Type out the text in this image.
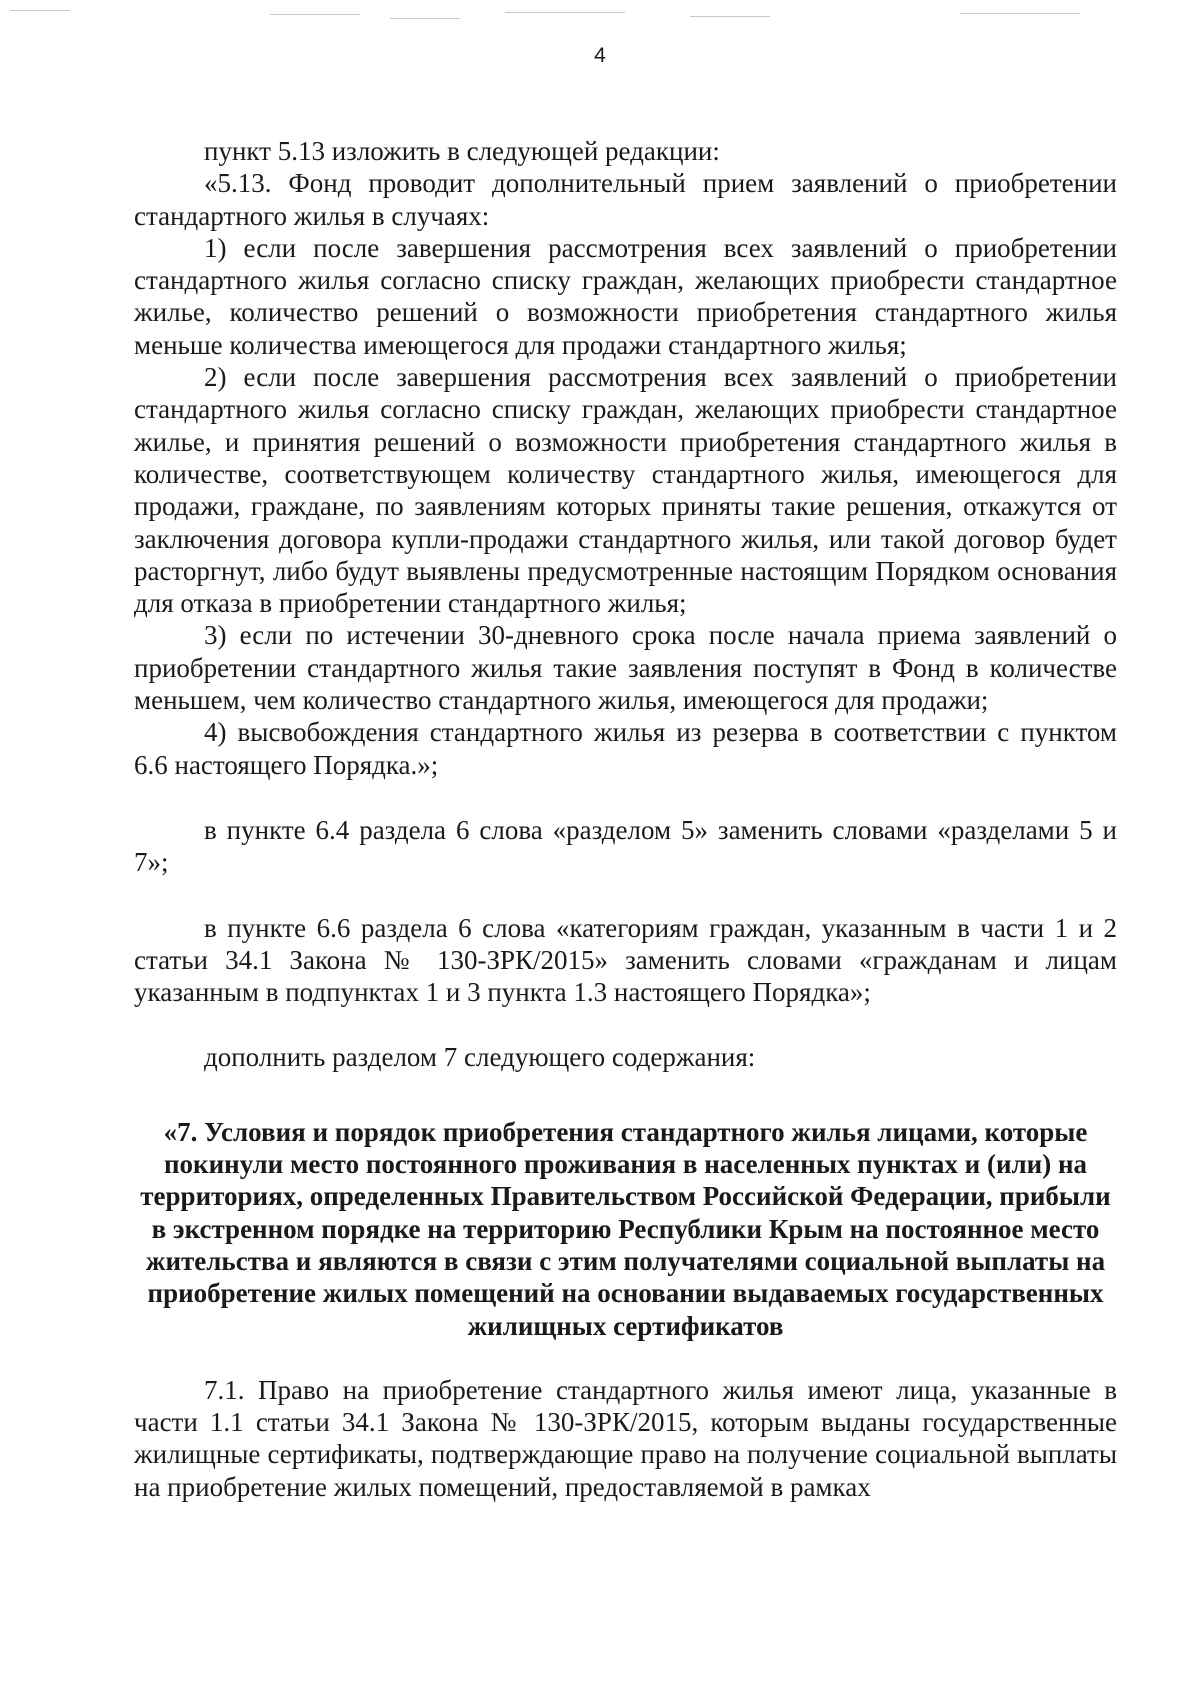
4

пункт 5.13 изложить в следующей редакции:

«5.13. Фонд проводит дополнительный прием заявлений о приобретении стандартного жилья в случаях:

1) если после завершения рассмотрения всех заявлений о приобретении стандартного жилья согласно списку граждан, желающих приобрести стандартное жилье, количество решений о возможности приобретения стандартного жилья меньше количества имеющегося для продажи стандартного жилья;

2) если после завершения рассмотрения всех заявлений о приобретении стандартного жилья согласно списку граждан, желающих приобрести стандартное жилье, и принятия решений о возможности приобретения стандартного жилья в количестве, соответствующем количеству стандартного жилья, имеющегося для продажи, граждане, по заявлениям которых приняты такие решения, откажутся от заключения договора купли-продажи стандартного жилья, или такой договор будет расторгнут, либо будут выявлены предусмотренные настоящим Порядком основания для отказа в приобретении стандартного жилья;

3) если по истечении 30-дневного срока после начала приема заявлений о приобретении стандартного жилья такие заявления поступят в Фонд в количестве меньшем, чем количество стандартного жилья, имеющегося для продажи;

4) высвобождения стандартного жилья из резерва в соответствии с пунктом 6.6 настоящего Порядка.»;

в пункте 6.4 раздела 6 слова «разделом 5» заменить словами «разделами 5 и 7»;

в пункте 6.6 раздела 6 слова «категориям граждан, указанным в части 1 и 2 статьи 34.1 Закона № 130-ЗРК/2015» заменить словами «гражданам и лицам указанным в подпунктах 1 и 3 пункта 1.3 настоящего Порядка»;

дополнить разделом 7 следующего содержания:

«7. Условия и порядок приобретения стандартного жилья лицами, которые покинули место постоянного проживания в населенных пунктах и (или) на территориях, определенных Правительством Российской Федерации, прибыли в экстренном порядке на территорию Республики Крым на постоянное место жительства и являются в связи с этим получателями социальной выплаты на приобретение жилых помещений на основании выдаваемых государственных жилищных сертификатов

7.1. Право на приобретение стандартного жилья имеют лица, указанные в части 1.1 статьи 34.1 Закона № 130-ЗРК/2015, которым выданы государственные жилищные сертификаты, подтверждающие право на получение социальной выплаты на приобретение жилых помещений, предоставляемой в рамках
